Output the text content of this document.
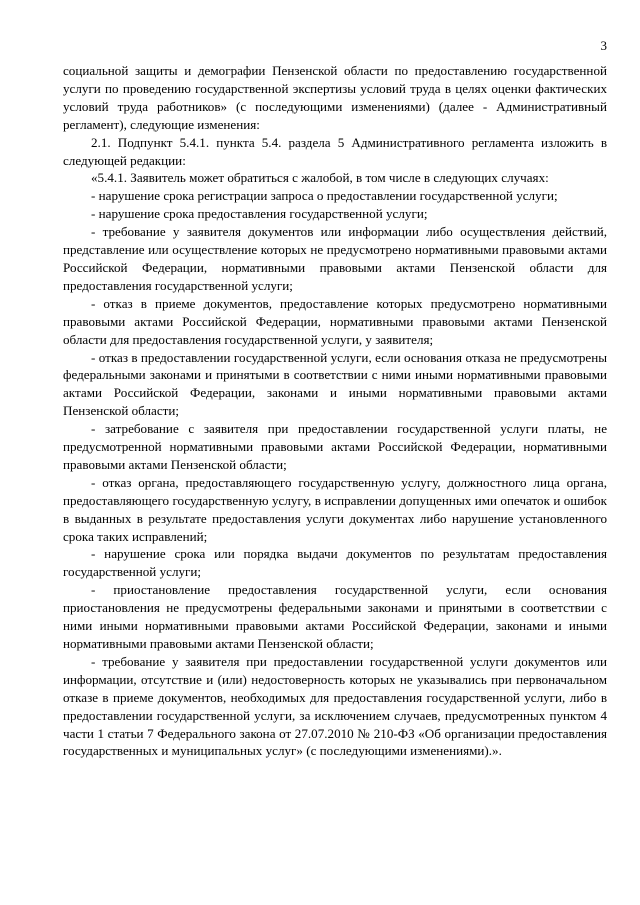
3

социальной защиты и демографии Пензенской области по предоставлению государственной услуги по проведению государственной экспертизы условий труда в целях оценки фактических условий труда работников» (с последующими изменениями) (далее - Административный регламент), следующие изменения:

2.1. Подпункт 5.4.1. пункта 5.4. раздела 5 Административного регламента изложить в следующей редакции:

«5.4.1. Заявитель может обратиться с жалобой, в том числе в следующих случаях:

- нарушение срока регистрации запроса о предоставлении государственной услуги;

- нарушение срока предоставления государственной услуги;

- требование у заявителя документов или информации либо осуществления действий, представление или осуществление которых не предусмотрено нормативными правовыми актами Российской Федерации, нормативными правовыми актами Пензенской области для предоставления государственной услуги;

- отказ в приеме документов, предоставление которых предусмотрено нормативными правовыми актами Российской Федерации, нормативными правовыми актами Пензенской области для предоставления государственной услуги, у заявителя;

- отказ в предоставлении государственной услуги, если основания отказа не предусмотрены федеральными законами и принятыми в соответствии с ними иными нормативными правовыми актами Российской Федерации, законами и иными нормативными правовыми актами Пензенской области;

- затребование с заявителя при предоставлении государственной услуги платы, не предусмотренной нормативными правовыми актами Российской Федерации, нормативными правовыми актами Пензенской области;

- отказ органа, предоставляющего государственную услугу, должностного лица органа, предоставляющего государственную услугу, в исправлении допущенных ими опечаток и ошибок в выданных в результате предоставления услуги документах либо нарушение установленного срока таких исправлений;

- нарушение срока или порядка выдачи документов по результатам предоставления государственной услуги;

- приостановление предоставления государственной услуги, если основания приостановления не предусмотрены федеральными законами и принятыми в соответствии с ними иными нормативными правовыми актами Российской Федерации, законами и иными нормативными правовыми актами Пензенской области;

- требование у заявителя при предоставлении государственной услуги документов или информации, отсутствие и (или) недостоверность которых не указывались при первоначальном отказе в приеме документов, необходимых для предоставления государственной услуги, либо в предоставлении государственной услуги, за исключением случаев, предусмотренных пунктом 4 части 1 статьи 7 Федерального закона от 27.07.2010 № 210-ФЗ «Об организации предоставления государственных и муниципальных услуг» (с последующими изменениями).».
